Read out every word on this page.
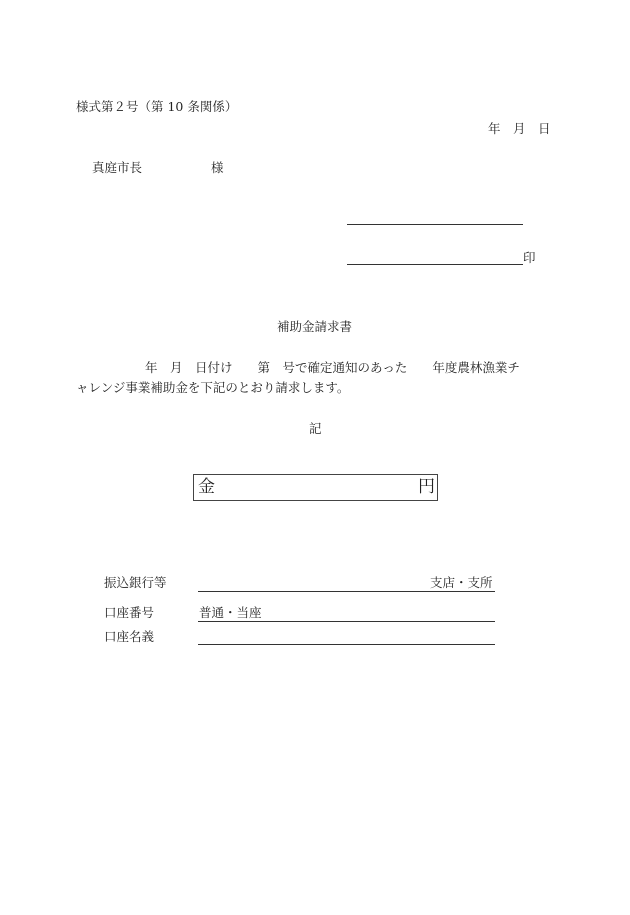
様式第２号（第 10 条関係）
年　月　日
真庭市長	様
印
補助金請求書
年　月　日付け　　第　号で確定通知のあった　　年度農林漁業チ
ャレンジ事業補助金を下記のとおり請求します。
記
金	円
振込銀行等	支店・支所
口座番号	普通・当座
口座名義
